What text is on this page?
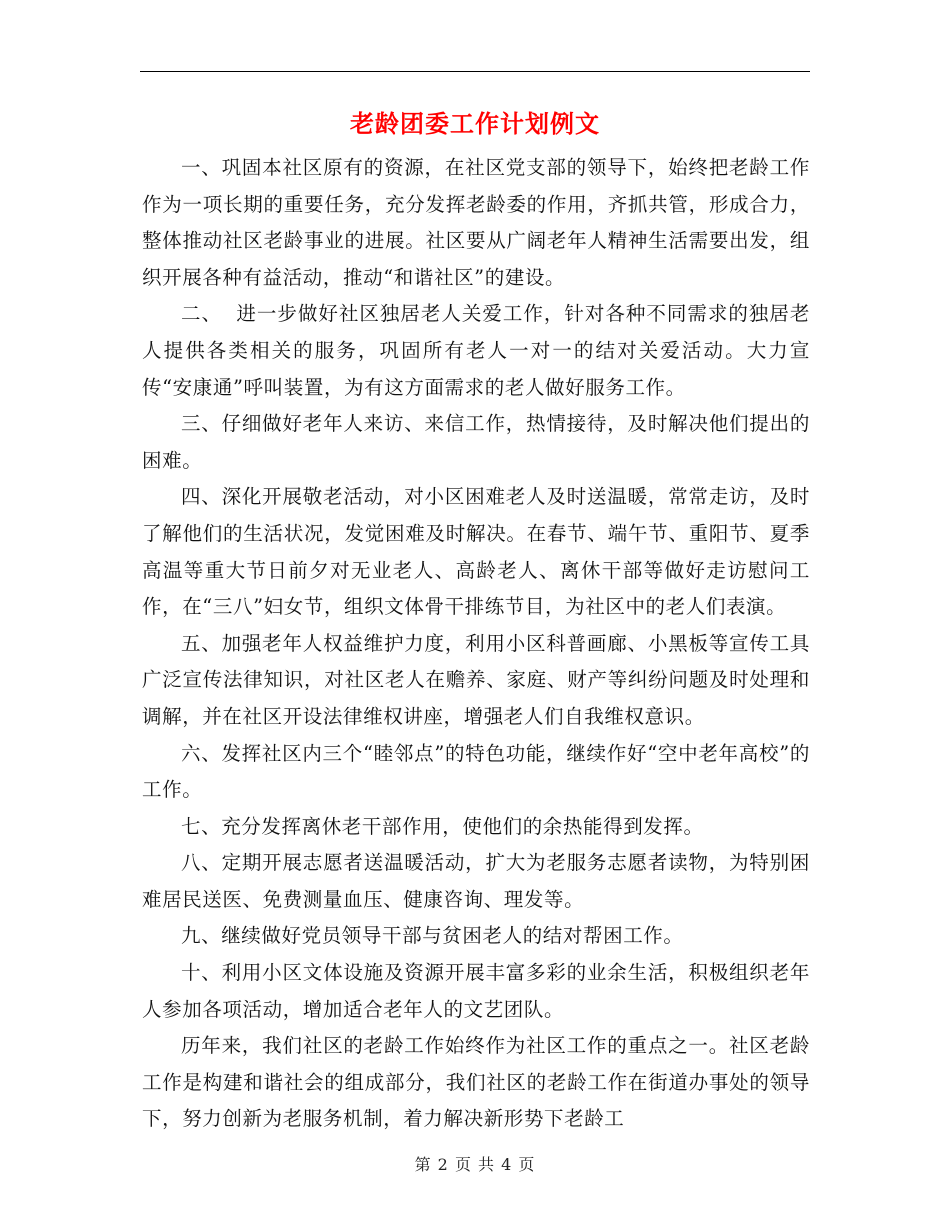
老龄团委工作计划例文

一、巩固本社区原有的资源，在社区党支部的领导下，始终把老龄工作作为一项长期的重要任务，充分发挥老龄委的作用，齐抓共管，形成合力，整体推动社区老龄事业的进展。社区要从广阔老年人精神生活需要出发，组织开展各种有益活动，推动“和谐社区”的建设。

二、  进一步做好社区独居老人关爱工作，针对各种不同需求的独居老人提供各类相关的服务，巩固所有老人一对一的结对关爱活动。大力宣传“安康通”呼叫装置，为有这方面需求的老人做好服务工作。

三、仔细做好老年人来访、来信工作，热情接待，及时解决他们提出的困难。

四、深化开展敬老活动，对小区困难老人及时送温暖，常常走访，及时了解他们的生活状况，发觉困难及时解决。在春节、端午节、重阳节、夏季高温等重大节日前夕对无业老人、高龄老人、离休干部等做好走访慰问工作，在“三八”妇女节，组织文体骨干排练节目，为社区中的老人们表演。

五、加强老年人权益维护力度，利用小区科普画廊、小黑板等宣传工具广泛宣传法律知识，对社区老人在赡养、家庭、财产等纠纷问题及时处理和调解，并在社区开设法律维权讲座，增强老人们自我维权意识。

六、发挥社区内三个“睦邻点”的特色功能，继续作好“空中老年高校”的工作。

七、充分发挥离休老干部作用，使他们的余热能得到发挥。

八、定期开展志愿者送温暖活动，扩大为老服务志愿者读物，为特别困难居民送医、免费测量血压、健康咨询、理发等。

九、继续做好党员领导干部与贫困老人的结对帮困工作。

十、利用小区文体设施及资源开展丰富多彩的业余生活，积极组织老年人参加各项活动，增加适合老年人的文艺团队。

历年来，我们社区的老龄工作始终作为社区工作的重点之一。社区老龄工作是构建和谐社会的组成部分，我们社区的老龄工作在街道办事处的领导下，努力创新为老服务机制，着力解决新形势下老龄工

第 2 页 共 4 页
